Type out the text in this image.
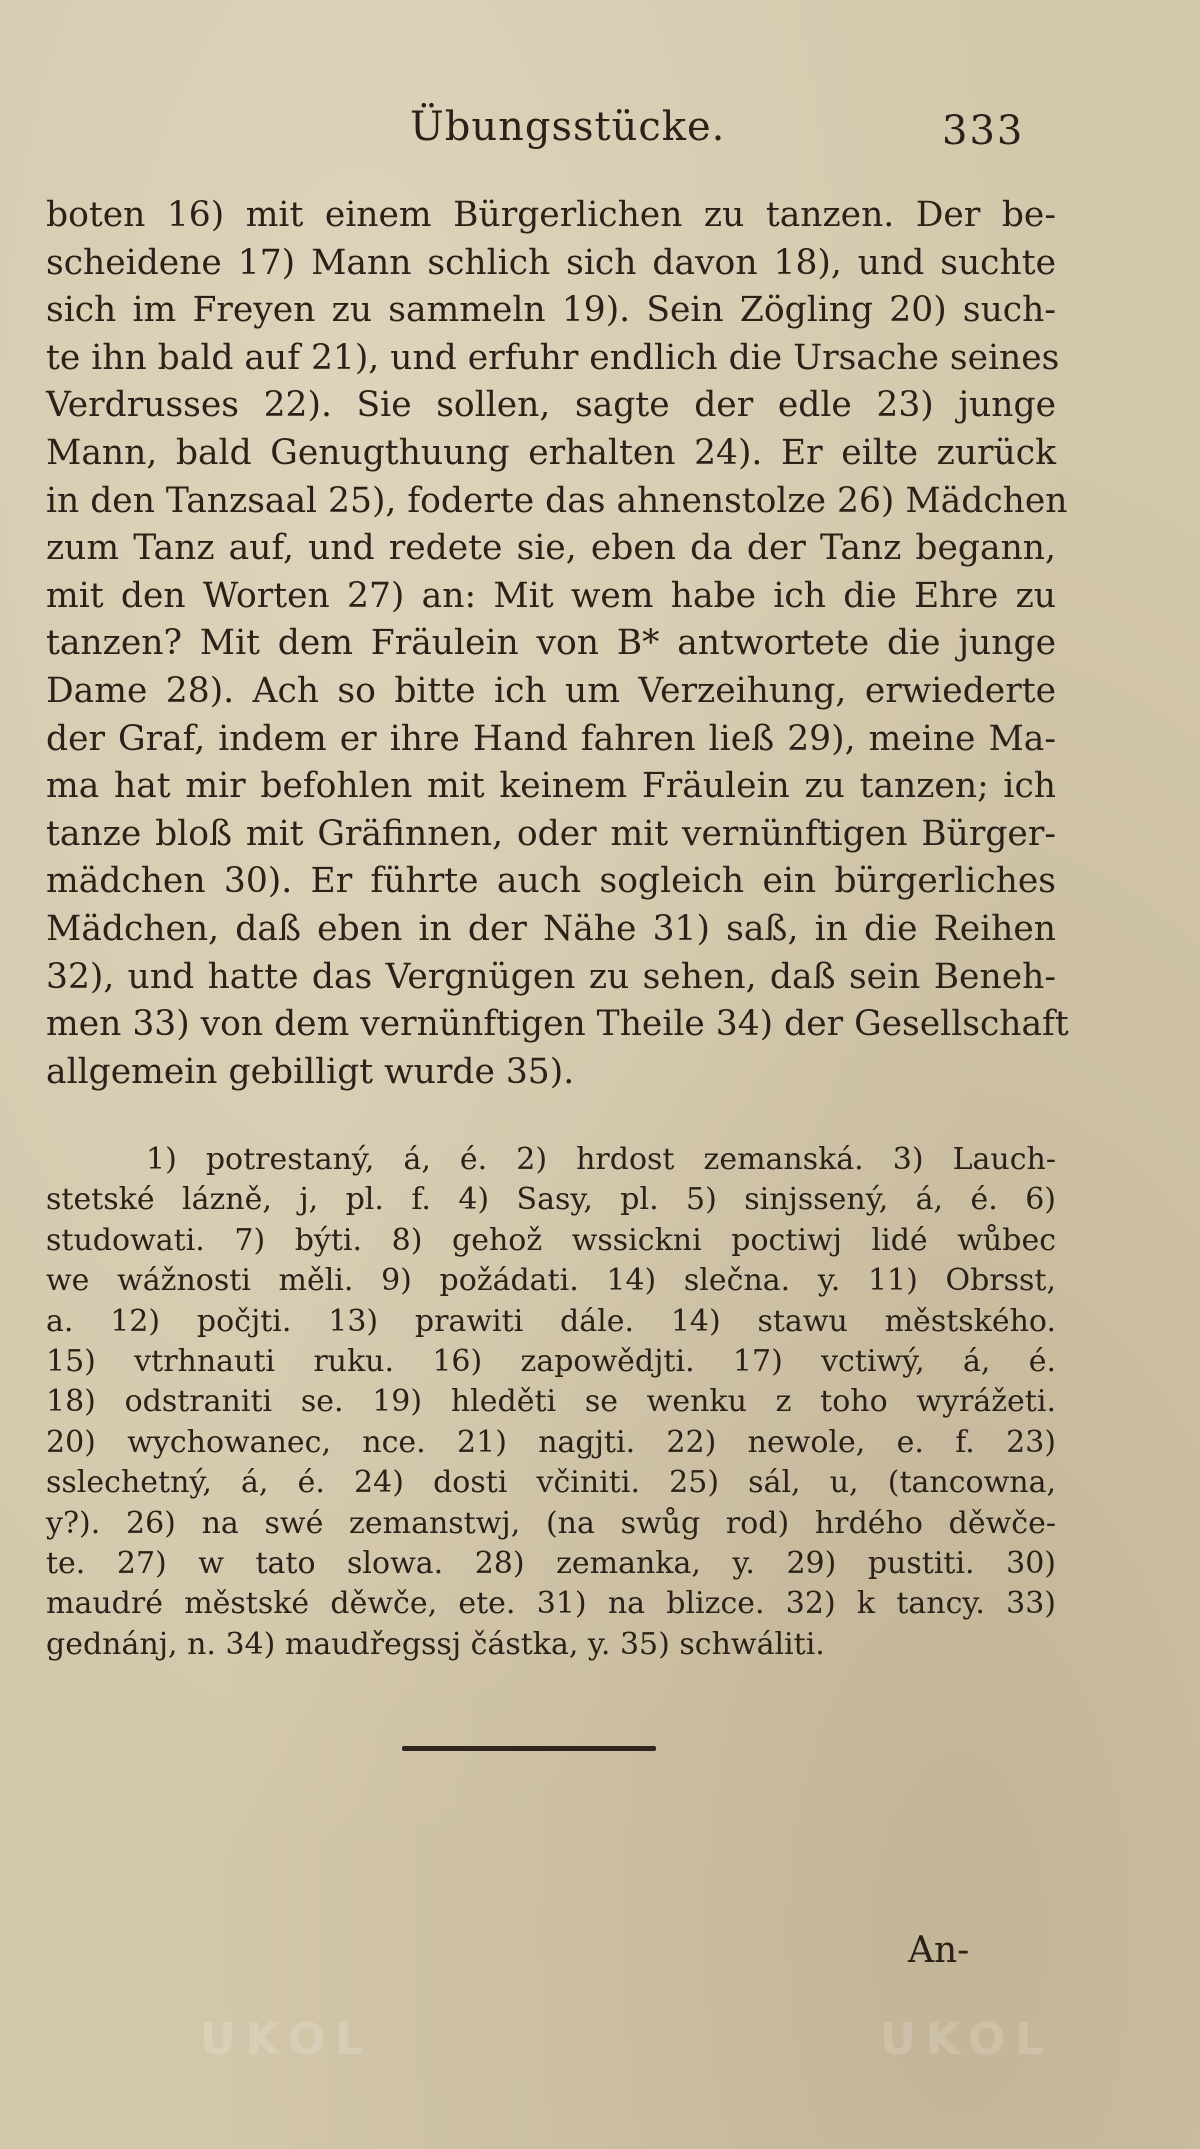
Übungsstücke.	333
boten 16) mit einem Bürgerlichen zu tanzen. Der be-
scheidene 17) Mann schlich sich davon 18), und suchte
sich im Freyen zu sammeln 19). Sein Zögling 20) such-
te ihn bald auf 21), und erfuhr endlich die Ursache seines
Verdrusses 22). Sie sollen, sagte der edle 23) junge
Mann, bald Genugthuung erhalten 24). Er eilte zurück
in den Tanzsaal 25), foderte das ahnenstolze 26) Mädchen
zum Tanz auf, und redete sie, eben da der Tanz begann,
mit den Worten 27) an: Mit wem habe ich die Ehre zu
tanzen? Mit dem Fräulein von B* antwortete die junge
Dame 28). Ach so bitte ich um Verzeihung, erwiederte
der Graf, indem er ihre Hand fahren ließ 29), meine Ma-
ma hat mir befohlen mit keinem Fräulein zu tanzen; ich
tanze bloß mit Gräfinnen, oder mit vernünftigen Bürger-
mädchen 30). Er führte auch sogleich ein bürgerliches
Mädchen, daß eben in der Nähe 31) saß, in die Reihen
32), und hatte das Vergnügen zu sehen, daß sein Beneh-
men 33) von dem vernünftigen Theile 34) der Gesellschaft
allgemein gebilligt wurde 35).
1) potrestaný, á, é. 2) hrdost zemanská. 3) Lauch-
stetské lázně, j, pl. f. 4) Sasy, pl. 5) sinjssený, á, é. 6)
studowati. 7) býti. 8) gehož wssickni poctiwj lidé wůbec
we wážnosti měli. 9) požádati. 14) slečna. y. 11) Obrsst,
a. 12) počjti. 13) prawiti dále. 14) stawu městského.
15) vtrhnauti ruku. 16) zapowědjti. 17) vctiwý, á, é.
18) odstraniti se. 19) hleděti se wenku z toho wyrážeti.
20) wychowanec, nce. 21) nagjti. 22) newole, e. f. 23)
sslechetný, á, é. 24) dosti včiniti. 25) sál, u, (tancowna,
y?). 26) na swé zemanstwj, (na swůg rod) hrdého děwče-
te. 27) w tato slowa. 28) zemanka, y. 29) pustiti. 30)
maudré městské děwče, ete. 31) na blizce. 32) k tancy. 33)
gednánj, n. 34) maudřegssj částka, y. 35) schwáliti.
An-
UKOL	UKOL
